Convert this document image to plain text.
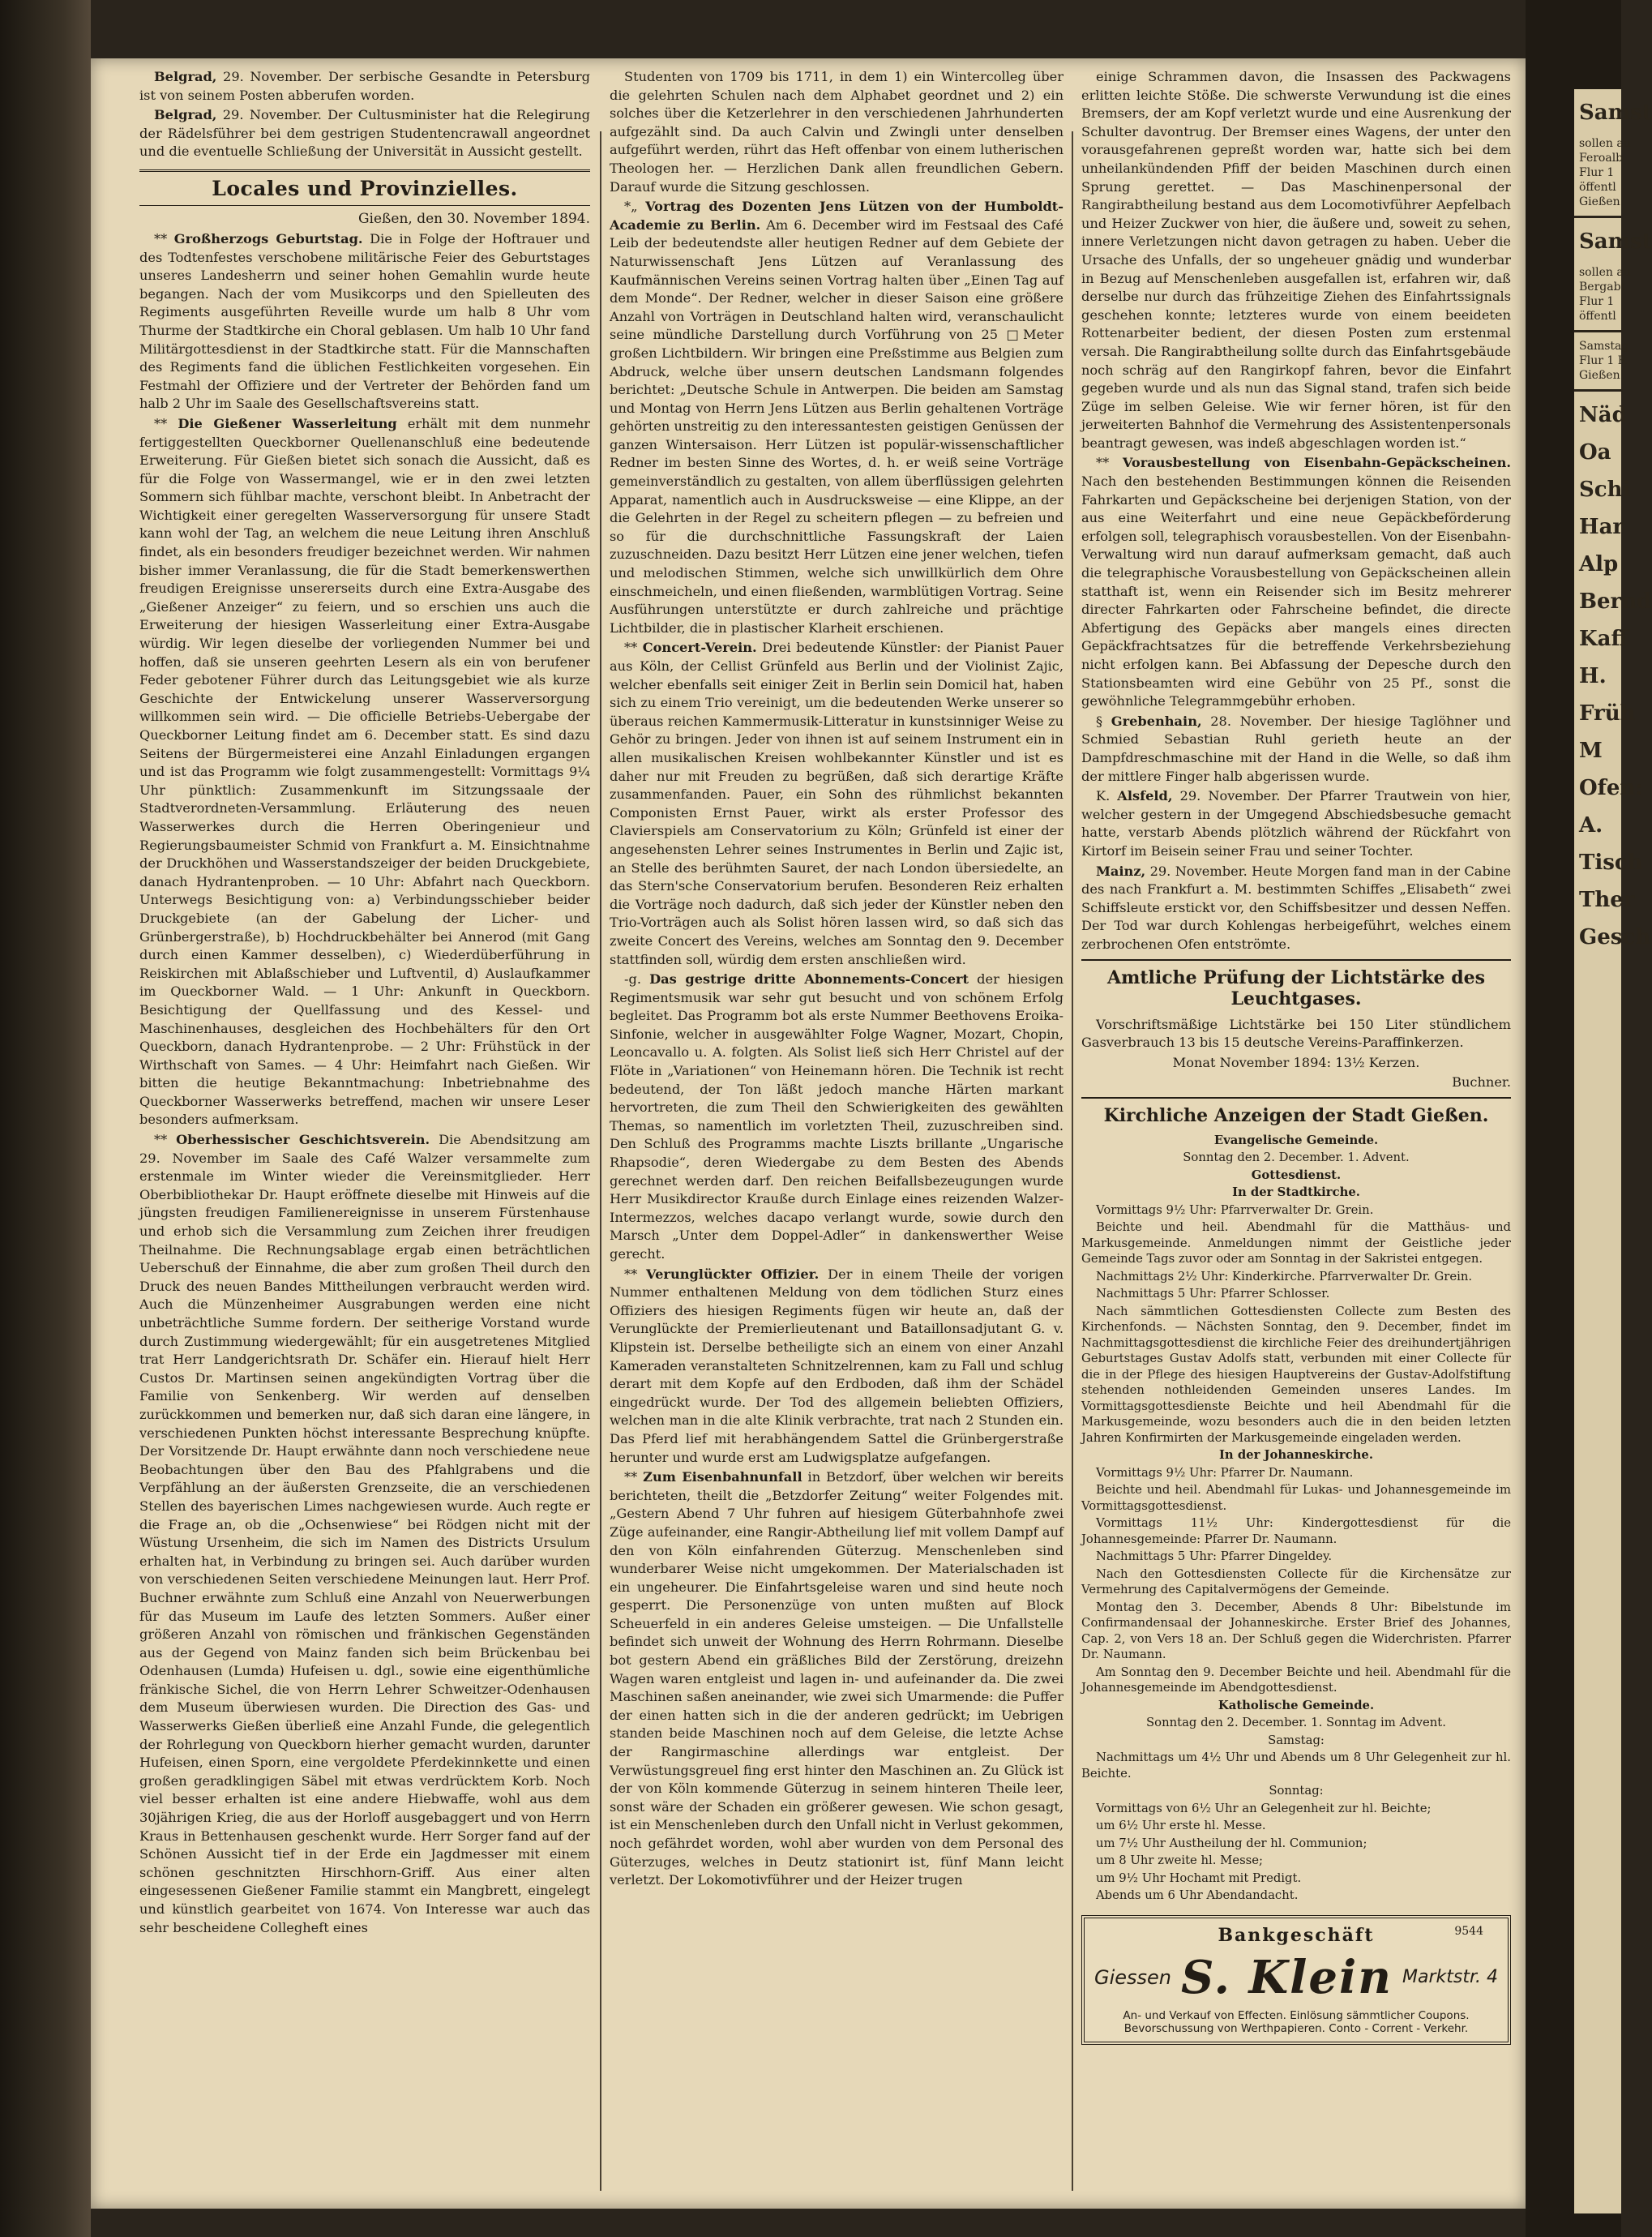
Belgrad, 29. November. Der serbische Gesandte in Petersburg ist von seinem Posten abberufen worden.

Belgrad, 29. November. Der Cultusminister hat die Relegirung der Rädelsführer bei dem gestrigen Studentencrawall angeordnet und die eventuelle Schließung der Universität in Aussicht gestellt.

Locales und Provinzielles.
Gießen, den 30. November 1894.

** Großherzogs Geburtstag. Die in Folge der Hoftrauer und des Todtenfestes verschobene militärische Feier des Geburtstages unseres Landesherrn und seiner hohen Gemahlin wurde heute begangen. Nach der vom Musikcorps und den Spielleuten des Regiments ausgeführten Reveille wurde um halb 8 Uhr vom Thurme der Stadtkirche ein Choral geblasen. Um halb 10 Uhr fand Militärgottesdienst in der Stadtkirche statt. Für die Mannschaften des Regiments fand die üblichen Festlichkeiten vorgesehen. Ein Festmahl der Offiziere und der Vertreter der Behörden fand um halb 2 Uhr im Saale des Gesellschaftsvereins statt.

** Die Gießener Wasserleitung erhält mit dem nunmehr fertiggestellten Queckborner Quellenanschluß eine bedeutende Erweiterung. Für Gießen bietet sich sonach die Aussicht, daß es für die Folge von Wassermangel, wie er in den zwei letzten Sommern sich fühlbar machte, verschont bleibt. In Anbetracht der Wichtigkeit einer geregelten Wasserversorgung für unsere Stadt kann wohl der Tag, an welchem die neue Leitung ihren Anschluß findet, als ein besonders freudiger bezeichnet werden. Wir nahmen bisher immer Veranlassung, die für die Stadt bemerkenswerthen freudigen Ereignisse unsererseits durch eine Extra-Ausgabe des „Gießener Anzeiger“ zu feiern, und so erschien uns auch die Erweiterung der hiesigen Wasserleitung einer Extra-Ausgabe würdig. Wir legen dieselbe der vorliegenden Nummer bei und hoffen, daß sie unseren geehrten Lesern als ein von berufener Feder gebotener Führer durch das Leitungsgebiet wie als kurze Geschichte der Entwickelung unserer Wasserversorgung willkommen sein wird. — Die officielle Betriebs-Uebergabe der Queckborner Leitung findet am 6. December statt. Es sind dazu Seitens der Bürgermeisterei eine Anzahl Einladungen ergangen und ist das Programm wie folgt zusammengestellt: Vormittags 9¼ Uhr pünktlich: Zusammenkunft im Sitzungssaale der Stadtverordneten-Versammlung. Erläuterung des neuen Wasserwerkes durch die Herren Oberingenieur und Regierungsbaumeister Schmid von Frankfurt a. M. Einsichtnahme der Druckhöhen und Wasserstandszeiger der beiden Druckgebiete, danach Hydrantenproben. — 10 Uhr: Abfahrt nach Queckborn. Unterwegs Besichtigung von: a) Verbindungsschieber beider Druckgebiete (an der Gabelung der Licher- und Grünbergerstraße), b) Hochdruckbehälter bei Annerod (mit Gang durch einen Kammer desselben), c) Wiederdüberführung in Reiskirchen mit Ablaßschieber und Luftventil, d) Auslaufkammer im Queckborner Wald. — 1 Uhr: Ankunft in Queckborn. Besichtigung der Quellfassung und des Kessel- und Maschinenhauses, desgleichen des Hochbehälters für den Ort Queckborn, danach Hydrantenprobe. — 2 Uhr: Frühstück in der Wirthschaft von Sames. — 4 Uhr: Heimfahrt nach Gießen. Wir bitten die heutige Bekanntmachung: Inbetriebnahme des Queckborner Wasserwerks betreffend, machen wir unsere Leser besonders aufmerksam.

** Oberhessischer Geschichtsverein. Die Abendsitzung am 29. November im Saale des Café Walzer versammelte zum erstenmale im Winter wieder die Vereinsmitglieder. Herr Oberbibliothekar Dr. Haupt eröffnete dieselbe mit Hinweis auf die jüngsten freudigen Familienereignisse in unserem Fürstenhause und erhob sich die Versammlung zum Zeichen ihrer freudigen Theilnahme. Die Rechnungsablage ergab einen beträchtlichen Ueberschuß der Einnahme, die aber zum großen Theil durch den Druck des neuen Bandes Mittheilungen verbraucht werden wird. Auch die Münzenheimer Ausgrabungen werden eine nicht unbeträchtliche Summe fordern. Der seitherige Vorstand wurde durch Zustimmung wiedergewählt; für ein ausgetretenes Mitglied trat Herr Landgerichtsrath Dr. Schäfer ein. Hierauf hielt Herr Custos Dr. Martinsen seinen angekündigten Vortrag über die Familie von Senkenberg. Wir werden auf denselben zurückkommen und bemerken nur, daß sich daran eine längere, in verschiedenen Punkten höchst interessante Besprechung knüpfte. Der Vorsitzende Dr. Haupt erwähnte dann noch verschiedene neue Beobachtungen über den Bau des Pfahlgrabens und die Verpfählung an der äußersten Grenzseite, die an verschiedenen Stellen des bayerischen Limes nachgewiesen wurde. Auch regte er die Frage an, ob die „Ochsenwiese“ bei Rödgen nicht mit der Wüstung Ursenheim, die sich im Namen des Districts Ursulum erhalten hat, in Verbindung zu bringen sei. Auch darüber wurden von verschiedenen Seiten verschiedene Meinungen laut. Herr Prof. Buchner erwähnte zum Schluß eine Anzahl von Neuerwerbungen für das Museum im Laufe des letzten Sommers. Außer einer größeren Anzahl von römischen und fränkischen Gegenständen aus der Gegend von Mainz fanden sich beim Brückenbau bei Odenhausen (Lumda) Hufeisen u. dgl., sowie eine eigenthümliche fränkische Sichel, die von Herrn Lehrer Schweitzer-Odenhausen dem Museum überwiesen wurden. Die Direction des Gas- und Wasserwerks Gießen überließ eine Anzahl Funde, die gelegentlich der Rohrlegung von Queckborn hierher gemacht wurden, darunter Hufeisen, einen Sporn, eine vergoldete Pferdekinnkette und einen großen geradklingigen Säbel mit etwas verdrücktem Korb. Noch viel besser erhalten ist eine andere Hiebwaffe, wohl aus dem 30jährigen Krieg, die aus der Horloff ausgebaggert und von Herrn Kraus in Bettenhausen geschenkt wurde. Herr Sorger fand auf der Schönen Aussicht tief in der Erde ein Jagdmesser mit einem schönen geschnitzten Hirschhorn-Griff. Aus einer alten eingesessenen Gießener Familie stammt ein Mangbrett, eingelegt und künstlich gearbeitet von 1674. Von Interesse war auch das sehr bescheidene Collegheft eines

Studenten von 1709 bis 1711, in dem 1) ein Wintercolleg über die gelehrten Schulen nach dem Alphabet geordnet und 2) ein solches über die Ketzerlehrer in den verschiedenen Jahrhunderten aufgezählt sind. Da auch Calvin und Zwingli unter denselben aufgeführt werden, rührt das Heft offenbar von einem lutherischen Theologen her. — Herzlichen Dank allen freundlichen Gebern. Darauf wurde die Sitzung geschlossen.

*„ Vortrag des Dozenten Jens Lützen von der Humboldt-Academie zu Berlin. Am 6. December wird im Festsaal des Café Leib der bedeutendste aller heutigen Redner auf dem Gebiete der Naturwissenschaft Jens Lützen auf Veranlassung des Kaufmännischen Vereins seinen Vortrag halten über „Einen Tag auf dem Monde“. Der Redner, welcher in dieser Saison eine größere Anzahl von Vorträgen in Deutschland halten wird, veranschaulicht seine mündliche Darstellung durch Vorführung von 25 □Meter großen Lichtbildern. Wir bringen eine Preßstimme aus Belgien zum Abdruck, welche über unsern deutschen Landsmann folgendes berichtet: „Deutsche Schule in Antwerpen. Die beiden am Samstag und Montag von Herrn Jens Lützen aus Berlin gehaltenen Vorträge gehörten unstreitig zu den interessantesten geistigen Genüssen der ganzen Wintersaison. Herr Lützen ist populär-wissenschaftlicher Redner im besten Sinne des Wortes, d. h. er weiß seine Vorträge gemeinverständlich zu gestalten, von allem überflüssigen gelehrten Apparat, namentlich auch in Ausdrucksweise — eine Klippe, an der die Gelehrten in der Regel zu scheitern pflegen — zu befreien und so für die durchschnittliche Fassungskraft der Laien zuzuschneiden. Dazu besitzt Herr Lützen eine jener welchen, tiefen und melodischen Stimmen, welche sich unwillkürlich dem Ohre einschmeicheln, und einen fließenden, warmblütigen Vortrag. Seine Ausführungen unterstützte er durch zahlreiche und prächtige Lichtbilder, die in plastischer Klarheit erschienen.

** Concert-Verein. Drei bedeutende Künstler: der Pianist Pauer aus Köln, der Cellist Grünfeld aus Berlin und der Violinist Zajic, welcher ebenfalls seit einiger Zeit in Berlin sein Domicil hat, haben sich zu einem Trio vereinigt, um die bedeutenden Werke unserer so überaus reichen Kammermusik-Litteratur in kunstsinniger Weise zu Gehör zu bringen. Jeder von ihnen ist auf seinem Instrument ein in allen musikalischen Kreisen wohlbekannter Künstler und ist es daher nur mit Freuden zu begrüßen, daß sich derartige Kräfte zusammenfanden. Pauer, ein Sohn des rühmlichst bekannten Componisten Ernst Pauer, wirkt als erster Professor des Clavierspiels am Conservatorium zu Köln; Grünfeld ist einer der angesehensten Lehrer seines Instrumentes in Berlin und Zajic ist, an Stelle des berühmten Sauret, der nach London übersiedelte, an das Stern'sche Conservatorium berufen. Besonderen Reiz erhalten die Vorträge noch dadurch, daß sich jeder der Künstler neben den Trio-Vorträgen auch als Solist hören lassen wird, so daß sich das zweite Concert des Vereins, welches am Sonntag den 9. December stattfinden soll, würdig dem ersten anschließen wird.

-g. Das gestrige dritte Abonnements-Concert der hiesigen Regimentsmusik war sehr gut besucht und von schönem Erfolg begleitet. Das Programm bot als erste Nummer Beethovens Eroika-Sinfonie, welcher in ausgewählter Folge Wagner, Mozart, Chopin, Leoncavallo u. A. folgten. Als Solist ließ sich Herr Christel auf der Flöte in „Variationen“ von Heinemann hören. Die Technik ist recht bedeutend, der Ton läßt jedoch manche Härten markant hervortreten, die zum Theil den Schwierigkeiten des gewählten Themas, so namentlich im vorletzten Theil, zuzuschreiben sind. Den Schluß des Programms machte Liszts brillante „Ungarische Rhapsodie“, deren Wiedergabe zu dem Besten des Abends gerechnet werden darf. Den reichen Beifallsbezeugungen wurde Herr Musikdirector Krauße durch Einlage eines reizenden Walzer-Intermezzos, welches dacapo verlangt wurde, sowie durch den Marsch „Unter dem Doppel-Adler“ in dankenswerther Weise gerecht.

** Verunglückter Offizier. Der in einem Theile der vorigen Nummer enthaltenen Meldung von dem tödlichen Sturz eines Offiziers des hiesigen Regiments fügen wir heute an, daß der Verunglückte der Premierlieutenant und Bataillonsadjutant G. v. Klipstein ist. Derselbe betheiligte sich an einem von einer Anzahl Kameraden veranstalteten Schnitzelrennen, kam zu Fall und schlug derart mit dem Kopfe auf den Erdboden, daß ihm der Schädel eingedrückt wurde. Der Tod des allgemein beliebten Offiziers, welchen man in die alte Klinik verbrachte, trat nach 2 Stunden ein. Das Pferd lief mit herabhängendem Sattel die Grünbergerstraße herunter und wurde erst am Ludwigsplatze aufgefangen.

** Zum Eisenbahnunfall in Betzdorf, über welchen wir bereits berichteten, theilt die „Betzdorfer Zeitung“ weiter Folgendes mit. „Gestern Abend 7 Uhr fuhren auf hiesigem Güterbahnhofe zwei Züge aufeinander, eine Rangir-Abtheilung lief mit vollem Dampf auf den von Köln einfahrenden Güterzug. Menschenleben sind wunderbarer Weise nicht umgekommen. Der Materialschaden ist ein ungeheurer. Die Einfahrtsgeleise waren und sind heute noch gesperrt. Die Personenzüge von unten mußten auf Block Scheuerfeld in ein anderes Geleise umsteigen. — Die Unfallstelle befindet sich unweit der Wohnung des Herrn Rohrmann. Dieselbe bot gestern Abend ein gräßliches Bild der Zerstörung, dreizehn Wagen waren entgleist und lagen in- und aufeinander da. Die zwei Maschinen saßen aneinander, wie zwei sich Umarmende: die Puffer der einen hatten sich in die der anderen gedrückt; im Uebrigen standen beide Maschinen noch auf dem Geleise, die letzte Achse der Rangirmaschine allerdings war entgleist. Der Verwüstungsgreuel fing erst hinter den Maschinen an. Zu Glück ist der von Köln kommende Güterzug in seinem hinteren Theile leer, sonst wäre der Schaden ein größerer gewesen. Wie schon gesagt, ist ein Menschenleben durch den Unfall nicht in Verlust gekommen, noch gefährdet worden, wohl aber wurden von dem Personal des Güterzuges, welches in Deutz stationirt ist, fünf Mann leicht verletzt. Der Lokomotivführer und der Heizer trugen

einige Schrammen davon, die Insassen des Packwagens erlitten leichte Stöße. Die schwerste Verwundung ist die eines Bremsers, der am Kopf verletzt wurde und eine Ausrenkung der Schulter davontrug. Der Bremser eines Wagens, der unter den vorausgefahrenen gepreßt worden war, hatte sich bei dem unheilankündenden Pfiff der beiden Maschinen durch einen Sprung gerettet. — Das Maschinenpersonal der Rangirabtheilung bestand aus dem Locomotivführer Aepfelbach und Heizer Zuckwer von hier, die äußere und, soweit zu sehen, innere Verletzungen nicht davon getragen zu haben. Ueber die Ursache des Unfalls, der so ungeheuer gnädig und wunderbar in Bezug auf Menschenleben ausgefallen ist, erfahren wir, daß derselbe nur durch das frühzeitige Ziehen des Einfahrtssignals geschehen konnte; letzteres wurde von einem beeideten Rottenarbeiter bedient, der diesen Posten zum erstenmal versah. Die Rangirabtheilung sollte durch das Einfahrtsgebäude noch schräg auf den Rangirkopf fahren, bevor die Einfahrt gegeben wurde und als nun das Signal stand, trafen sich beide Züge im selben Geleise. Wie wir ferner hören, ist für den jerweiterten Bahnhof die Vermehrung des Assistentenpersonals beantragt gewesen, was indeß abgeschlagen worden ist.“

** Vorausbestellung von Eisenbahn-Gepäckscheinen. Nach den bestehenden Bestimmungen können die Reisenden Fahrkarten und Gepäckscheine bei derjenigen Station, von der aus eine Weiterfahrt und eine neue Gepäckbeförderung erfolgen soll, telegraphisch vorausbestellen. Von der Eisenbahn-Verwaltung wird nun darauf aufmerksam gemacht, daß auch die telegraphische Vorausbestellung von Gepäckscheinen allein statthaft ist, wenn ein Reisender sich im Besitz mehrerer directer Fahrkarten oder Fahrscheine befindet, die directe Abfertigung des Gepäcks aber mangels eines directen Gepäckfrachtsatzes für die betreffende Verkehrsbeziehung nicht erfolgen kann. Bei Abfassung der Depesche durch den Stationsbeamten wird eine Gebühr von 25 Pf., sonst die gewöhnliche Telegrammgebühr erhoben.

§ Grebenhain, 28. November. Der hiesige Taglöhner und Schmied Sebastian Ruhl gerieth heute an der Dampfdreschmaschine mit der Hand in die Welle, so daß ihm der mittlere Finger halb abgerissen wurde.

K. Alsfeld, 29. November. Der Pfarrer Trautwein von hier, welcher gestern in der Umgegend Abschiedsbesuche gemacht hatte, verstarb Abends plötzlich während der Rückfahrt von Kirtorf im Beisein seiner Frau und seiner Tochter.

Mainz, 29. November. Heute Morgen fand man in der Cabine des nach Frankfurt a. M. bestimmten Schiffes „Elisabeth“ zwei Schiffsleute erstickt vor, den Schiffsbesitzer und dessen Neffen. Der Tod war durch Kohlengas herbeigeführt, welches einem zerbrochenen Ofen entströmte.

Amtliche Prüfung der Lichtstärke des Leuchtgases.

Vorschriftsmäßige Lichtstärke bei 150 Liter stündlichem Gasverbrauch 13 bis 15 deutsche Vereins-Paraffinkerzen.

Monat November 1894: 13½ Kerzen.

Buchner.

Kirchliche Anzeigen der Stadt Gießen.

Evangelische Gemeinde.

Sonntag den 2. December. 1. Advent.

Gottesdienst.

In der Stadtkirche.

Vormittags 9½ Uhr: Pfarrverwalter Dr. Grein.

Beichte und heil. Abendmahl für die Matthäus- und Markusgemeinde. Anmeldungen nimmt der Geistliche jeder Gemeinde Tags zuvor oder am Sonntag in der Sakristei entgegen.

Nachmittags 2½ Uhr: Kinderkirche. Pfarrverwalter Dr. Grein.

Nachmittags 5 Uhr: Pfarrer Schlosser.

Nach sämmtlichen Gottesdiensten Collecte zum Besten des Kirchenfonds. — Nächsten Sonntag, den 9. December, findet im Nachmittagsgottesdienst die kirchliche Feier des dreihundertjährigen Geburtstages Gustav Adolfs statt, verbunden mit einer Collecte für die in der Pflege des hiesigen Hauptvereins der Gustav-Adolfstiftung stehenden nothleidenden Gemeinden unseres Landes. Im Vormittagsgottesdienste Beichte und heil Abendmahl für die Markusgemeinde, wozu besonders auch die in den beiden letzten Jahren Konfirmirten der Markusgemeinde eingeladen werden.

In der Johanneskirche.

Vormittags 9½ Uhr: Pfarrer Dr. Naumann.

Beichte und heil. Abendmahl für Lukas- und Johannesgemeinde im Vormittagsgottesdienst.

Vormittags 11½ Uhr: Kindergottesdienst für die Johannesgemeinde: Pfarrer Dr. Naumann.

Nachmittags 5 Uhr: Pfarrer Dingeldey.

Nach den Gottesdiensten Collecte für die Kirchensätze zur Vermehrung des Capitalvermögens der Gemeinde.

Montag den 3. December, Abends 8 Uhr: Bibelstunde im Confirmandensaal der Johanneskirche. Erster Brief des Johannes, Cap. 2, von Vers 18 an. Der Schluß gegen die Widerchristen. Pfarrer Dr. Naumann.

Am Sonntag den 9. December Beichte und heil. Abendmahl für die Johannesgemeinde im Abendgottesdienst.

Katholische Gemeinde.

Sonntag den 2. December. 1. Sonntag im Advent.

Samstag:

Nachmittags um 4½ Uhr und Abends um 8 Uhr Gelegenheit zur hl. Beichte.

Sonntag:

Vormittags von 6½ Uhr an Gelegenheit zur hl. Beichte;

um 6½ Uhr erste hl. Messe.

um 7½ Uhr Austheilung der hl. Communion;

um 8 Uhr zweite hl. Messe;

um 9½ Uhr Hochamt mit Predigt.

Abends um 6 Uhr Abendandacht.

9544
Bankgeschäft
Giessen S. Klein Marktstr. 4
An- und Verkauf von Effecten. Einlösung sämmtlicher Coupons.
Bevorschussung von Werthpapieren. Conto - Corrent - Verkehr.
Samst
sollen au
Feroalb
Flur 1
öffentl
Gießen
Samst
sollen au
Bergabt
Flur 1
öffentl
Samstag
Flur 1 R
Gießen
Näd
Oa
Schi
Har
Alp
Bernd
Kaff
H.
Früh
M
Ofen:
A.
Tisch
Ther
Gesch
